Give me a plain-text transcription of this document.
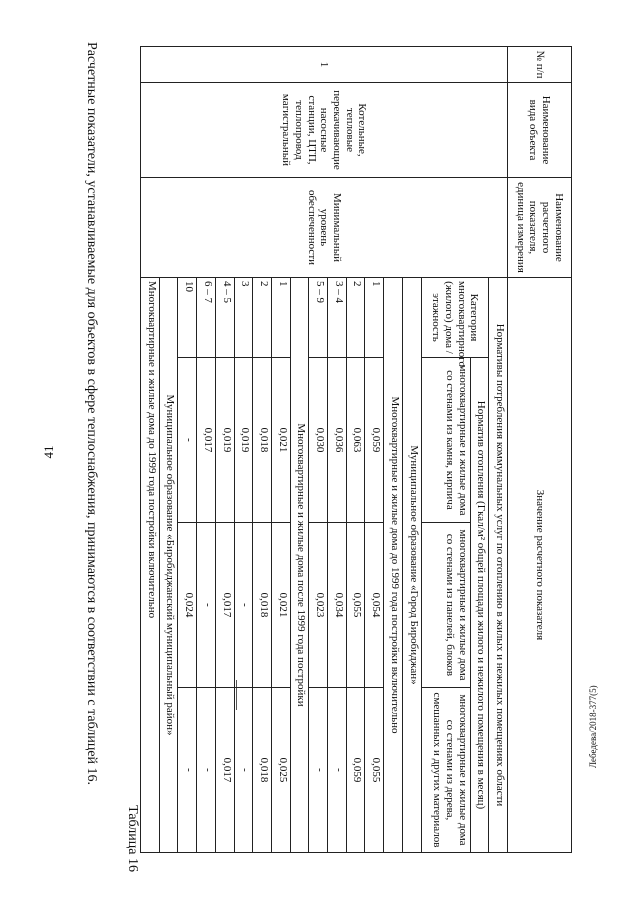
41
Таблица 16
№ п/п	Наименование вида объекта	Наименование расчетного показателя, единица измерения	Значение расчетного показателя			
1	Котельные, тепловые перекачивающие насосные станции, ЦТП, теплопровод магистральный	Минимальный уровень обеспеченности	Нормативы потребления коммунальных услуг по отоплению в жилых и нежилых помещениях области			
			Категория многоквартирного (жилого) дома / этажность	Норматив отопления (Гкал/м² общей площади жилого и нежилого помещения в месяц)		
				многоквартирные и жилые дома со стенами из камня, кирпича	многоквартирные и жилые дома со стенами из панелей, блоков	многоквартирные и жилые дома со стенами из дерева, смешанных и других материалов
			Муниципальное образование «Город Биробиджан»			
			Многоквартирные и жилые дома до 1999 года постройки включительно			
			1	0,059	0,054	0,055
			2	0,063	0,055	0,059
			3 – 4	0,036	0,034	-
			5 – 9	0,030	0,023	-
			Многоквартирные и жилые дома после 1999 года постройки			
			1	0,021	0,021	0,025
			2	0,018	0,018	0,018
			3	0,019	-	-
			4 – 5	0,019	0,017	0,017
			6 – 7	0,017	-	-
			10	-	0,024	-
			Муниципальное образование «Биробиджанский муниципальный район»			
			Многоквартирные и жилые дома до 1999 года постройки включительно			
Расчетные показатели, устанавливаемые для объектов в сфере теплоснабжения, принимаются в соответствии с таблицей 16.	Лебедева/2018-377(5)
